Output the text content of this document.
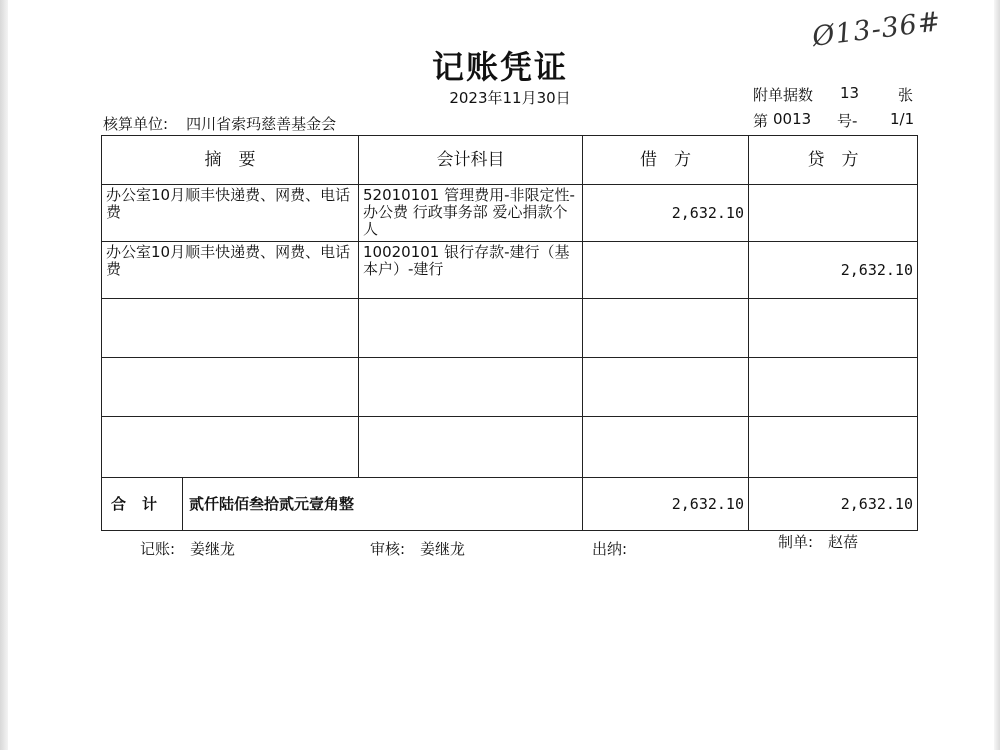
Ø13-36#
记账凭证
2023年11月30日	附单据数 13	张
核算单位: 四川省索玛慈善基金会	第 0013 号- 1/1
摘　要	会计科目	借　方	贷　方
办公室10月顺丰快递费、网费、电话费	52010101 管理费用-非限定性-办公费 行政事务部 爱心捐款个人	2,632.10	
办公室10月顺丰快递费、网费、电话费	10020101 银行存款-建行（基本户）-建行		2,632.10

合计 贰仟陆佰叁拾贰元壹角整		2,632.10	2,632.10
记账:　姜继龙	审核:　姜继龙	出纳:	制单:　赵蓓
